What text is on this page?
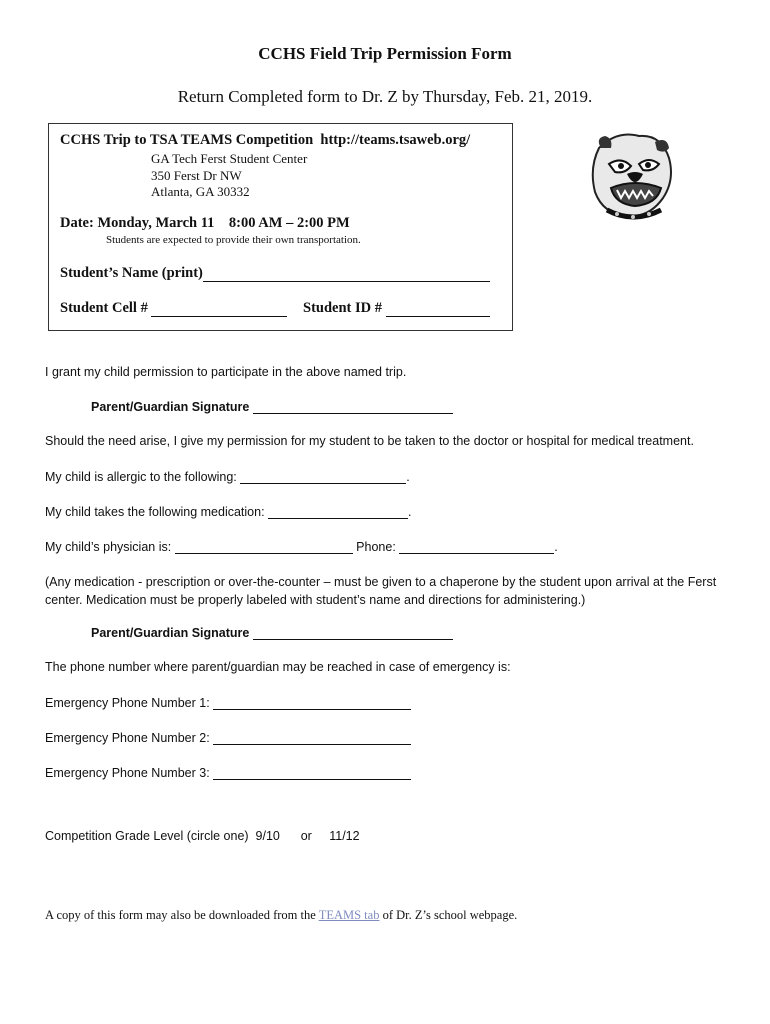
CCHS Field Trip Permission Form
Return Completed form to Dr. Z by Thursday, Feb. 21, 2019.
CCHS Trip to TSA TEAMS Competition http://teams.tsaweb.org/
GA Tech Ferst Student Center
350 Ferst Dr NW
Atlanta, GA 30332
Date: Monday, March 11 8:00 AM – 2:00 PM
Students are expected to provide their own transportation.
Student’s Name (print)
Student Cell #	Student ID #
I grant my child permission to participate in the above named trip.
Parent/Guardian Signature
Should the need arise, I give my permission for my student to be taken to the doctor or hospital for medical treatment.
My child is allergic to the following:	.
My child takes the following medication:	.
My child’s physician is:	Phone:	.
(Any medication - prescription or over-the-counter – must be given to a chaperone by the student upon arrival at the Ferst center. Medication must be properly labeled with student’s name and directions for administering.)
Parent/Guardian Signature
The phone number where parent/guardian may be reached in case of emergency is:
Emergency Phone Number 1:
Emergency Phone Number 2:
Emergency Phone Number 3:
Competition Grade Level (circle one) 9/10 or 11/12
A copy of this form may also be downloaded from the TEAMS tab of Dr. Z’s school webpage.
